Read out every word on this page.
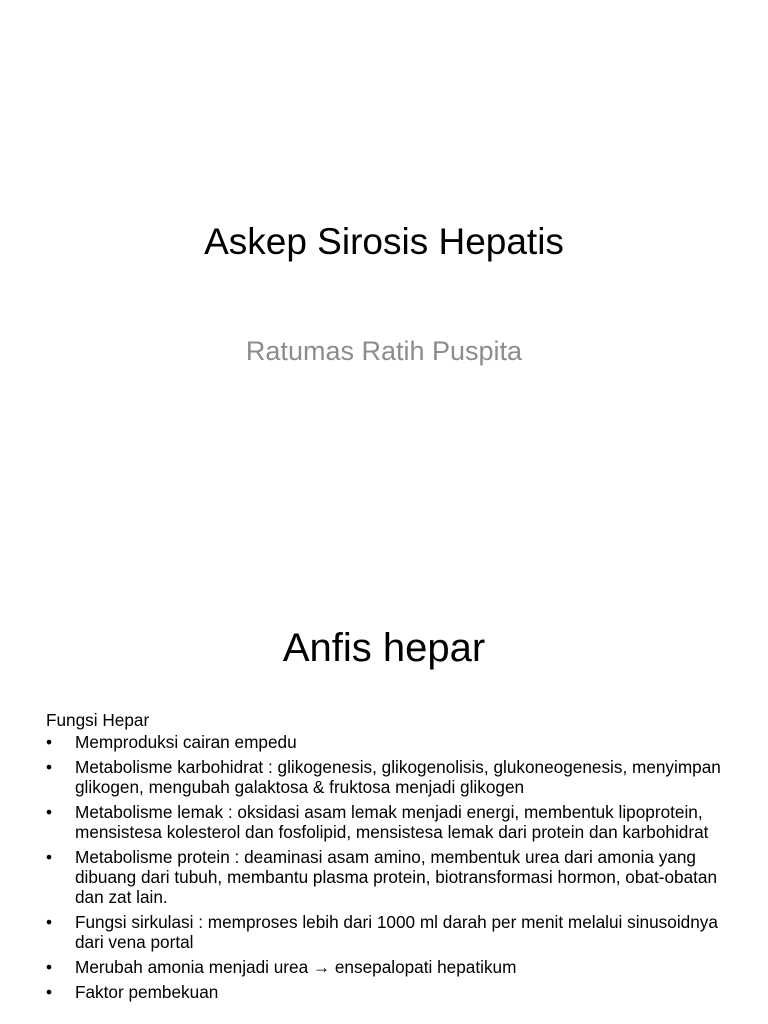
Askep Sirosis Hepatis
Ratumas Ratih Puspita
Anfis hepar
Fungsi Hepar
•	Memproduksi cairan empedu
•	Metabolisme karbohidrat : glikogenesis, glikogenolisis, glukoneogenesis, menyimpan glikogen, mengubah galaktosa & fruktosa menjadi glikogen
•	Metabolisme lemak : oksidasi asam lemak menjadi energi, membentuk lipoprotein, mensistesa kolesterol dan fosfolipid, mensistesa lemak dari protein dan karbohidrat
•	Metabolisme protein : deaminasi asam amino, membentuk urea dari amonia yang dibuang dari tubuh, membantu plasma protein, biotransformasi hormon, obat-obatan dan zat lain.
•	Fungsi sirkulasi : memproses lebih dari 1000 ml darah per menit melalui sinusoidnya dari vena portal
•	Merubah amonia menjadi urea → ensepalopati hepatikum
•	Faktor pembekuan
